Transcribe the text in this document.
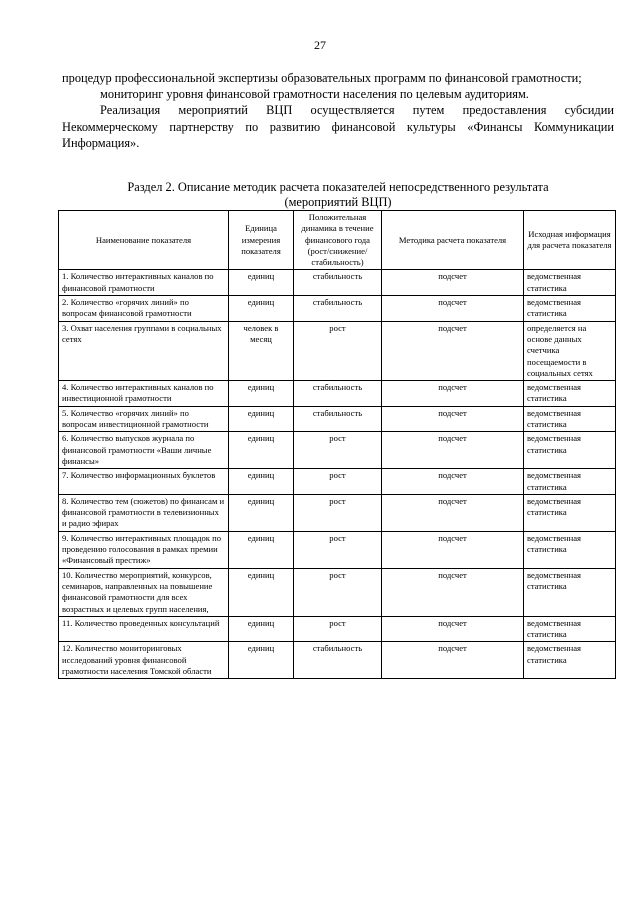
27

процедур профессиональной экспертизы образовательных программ по финансовой грамотности;

мониторинг уровня финансовой грамотности населения по целевым аудиториям.

Реализация мероприятий ВЦП осуществляется путем предоставления субсидии Некоммерческому партнерству по развитию финансовой культуры «Финансы Коммуникации Информация».

Раздел 2. Описание методик расчета показателей непосредственного результата
(мероприятий ВЦП)
Наименование показателя	Единица измерения показателя	Положительная динамика в течение финансового года (рост/снижение/стабильность)	Методика расчета показателя	Исходная информация для расчета показателя
1. Количество интерактивных каналов по финансовой грамотности	единиц	стабильность	подсчет	ведомственная статистика
2. Количество «горячих линий» по вопросам финансовой грамотности	единиц	стабильность	подсчет	ведомственная статистика
3. Охват населения группами в социальных сетях	человек в месяц	рост	подсчет	определяется на основе данных счетчика посещаемости в социальных сетях
4. Количество интерактивных каналов по инвестиционной грамотности	единиц	стабильность	подсчет	ведомственная статистика
5. Количество «горячих линий» по вопросам инвестиционной грамотности	единиц	стабильность	подсчет	ведомственная статистика
6. Количество выпусков журнала по финансовой грамотности «Ваши личные финансы»	единиц	рост	подсчет	ведомственная статистика
7. Количество информационных буклетов	единиц	рост	подсчет	ведомственная статистика
8. Количество тем (сюжетов) по финансам и финансовой грамотности в телевизионных и радио эфирах	единиц	рост	подсчет	ведомственная статистика
9. Количество интерактивных площадок по проведению голосования в рамках премии «Финансовый престиж»	единиц	рост	подсчет	ведомственная статистика
10. Количество мероприятий, конкурсов, семинаров, направленных на повышение финансовой грамотности для всех возрастных и целевых групп населения,	единиц	рост	подсчет	ведомственная статистика
11. Количество проведенных консультаций	единиц	рост	подсчет	ведомственная статистика
12. Количество мониторинговых исследований уровня финансовой грамотности населения Томской области	единиц	стабильность	подсчет	ведомственная статистика
